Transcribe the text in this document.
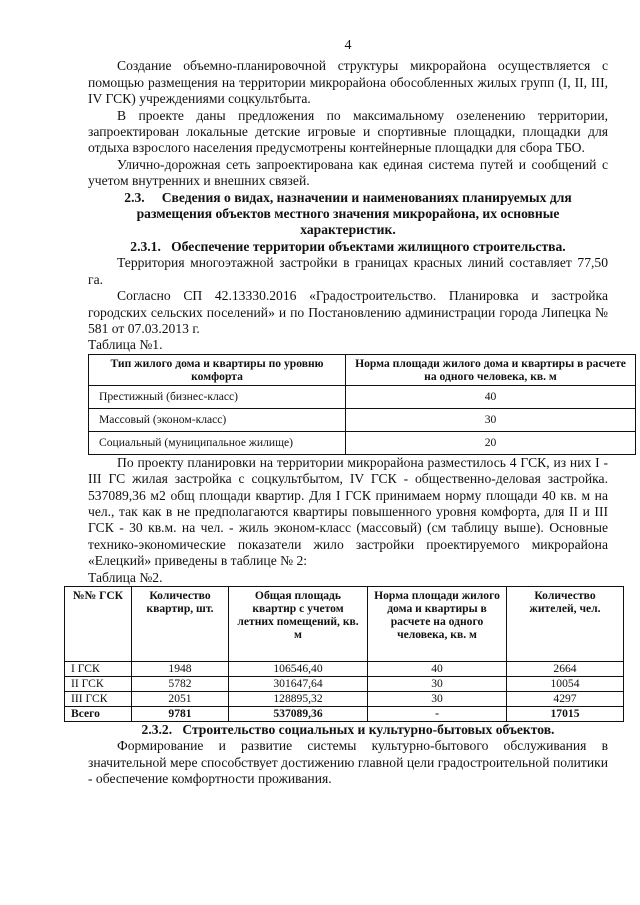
4

Создание объемно-планировочной структуры микрорайона осуществляется с помощью размещения на территории микрорайона обособленных жилых групп (I, II, III, IV ГСК) учреждениями соцкультбыта.

В проекте даны предложения по максимальному озеленению территории, запроектирован локальные детские игровые и спортивные площадки, площадки для отдыха взрослого населения предусмотрены контейнерные площадки для сбора ТБО.

Улично-дорожная сеть запроектирована как единая система путей и сообщений с учетом внутренних и внешних связей.

2.3. Сведения о видах, назначении и наименованиях планируемых для размещения объектов местного значения микрорайона, их основные характеристик.
2.3.1. Обеспечение территории объектами жилищного строительства.

Территория многоэтажной застройки в границах красных линий составляет 77,50 га.

Согласно СП 42.13330.2016 «Градостроительство. Планировка и застройка городских сельских поселений» и по Постановлению администрации города Липецка № 581 от 07.03.2013 г.

Таблица №1.

Тип жилого дома и квартиры по уровню комфорта	Норма площади жилого дома и квартиры в расчете на одного человека, кв. м
Престижный (бизнес-класс)	40
Массовый (эконом-класс)	30
Социальный (муниципальное жилище)	20

По проекту планировки на территории микрорайона разместилось 4 ГСК, из них I - III ГС жилая застройка с соцкультбытом, IV ГСК - общественно-деловая застройка. 537089,36 м2 общ площади квартир. Для I ГСК принимаем норму площади 40 кв. м на чел., так как в не предполагаются квартиры повышенного уровня комфорта, для II и III ГСК - 30 кв.м. на чел. - жиль эконом-класс (массовый) (см таблицу выше). Основные технико-экономические показатели жило застройки проектируемого микрорайона «Елецкий» приведены в таблице № 2:

Таблица №2.

№№ ГСК	Количество квартир, шт.	Общая площадь квартир с учетом летних помещений, кв. м	Норма площади жилого дома и квартиры в расчете на одного человека, кв. м	Количество жителей, чел.
I ГСК	1948	106546,40	40	2664
II ГСК	5782	301647,64	30	10054
III ГСК	2051	128895,32	30	4297
Всего	9781	537089,36	-	17015
2.3.2. Строительство социальных и культурно-бытовых объектов.

Формирование и развитие системы культурно-бытового обслуживания в значительной мере способствует достижению главной цели градостроительной политики - обеспечение комфортности проживания.
